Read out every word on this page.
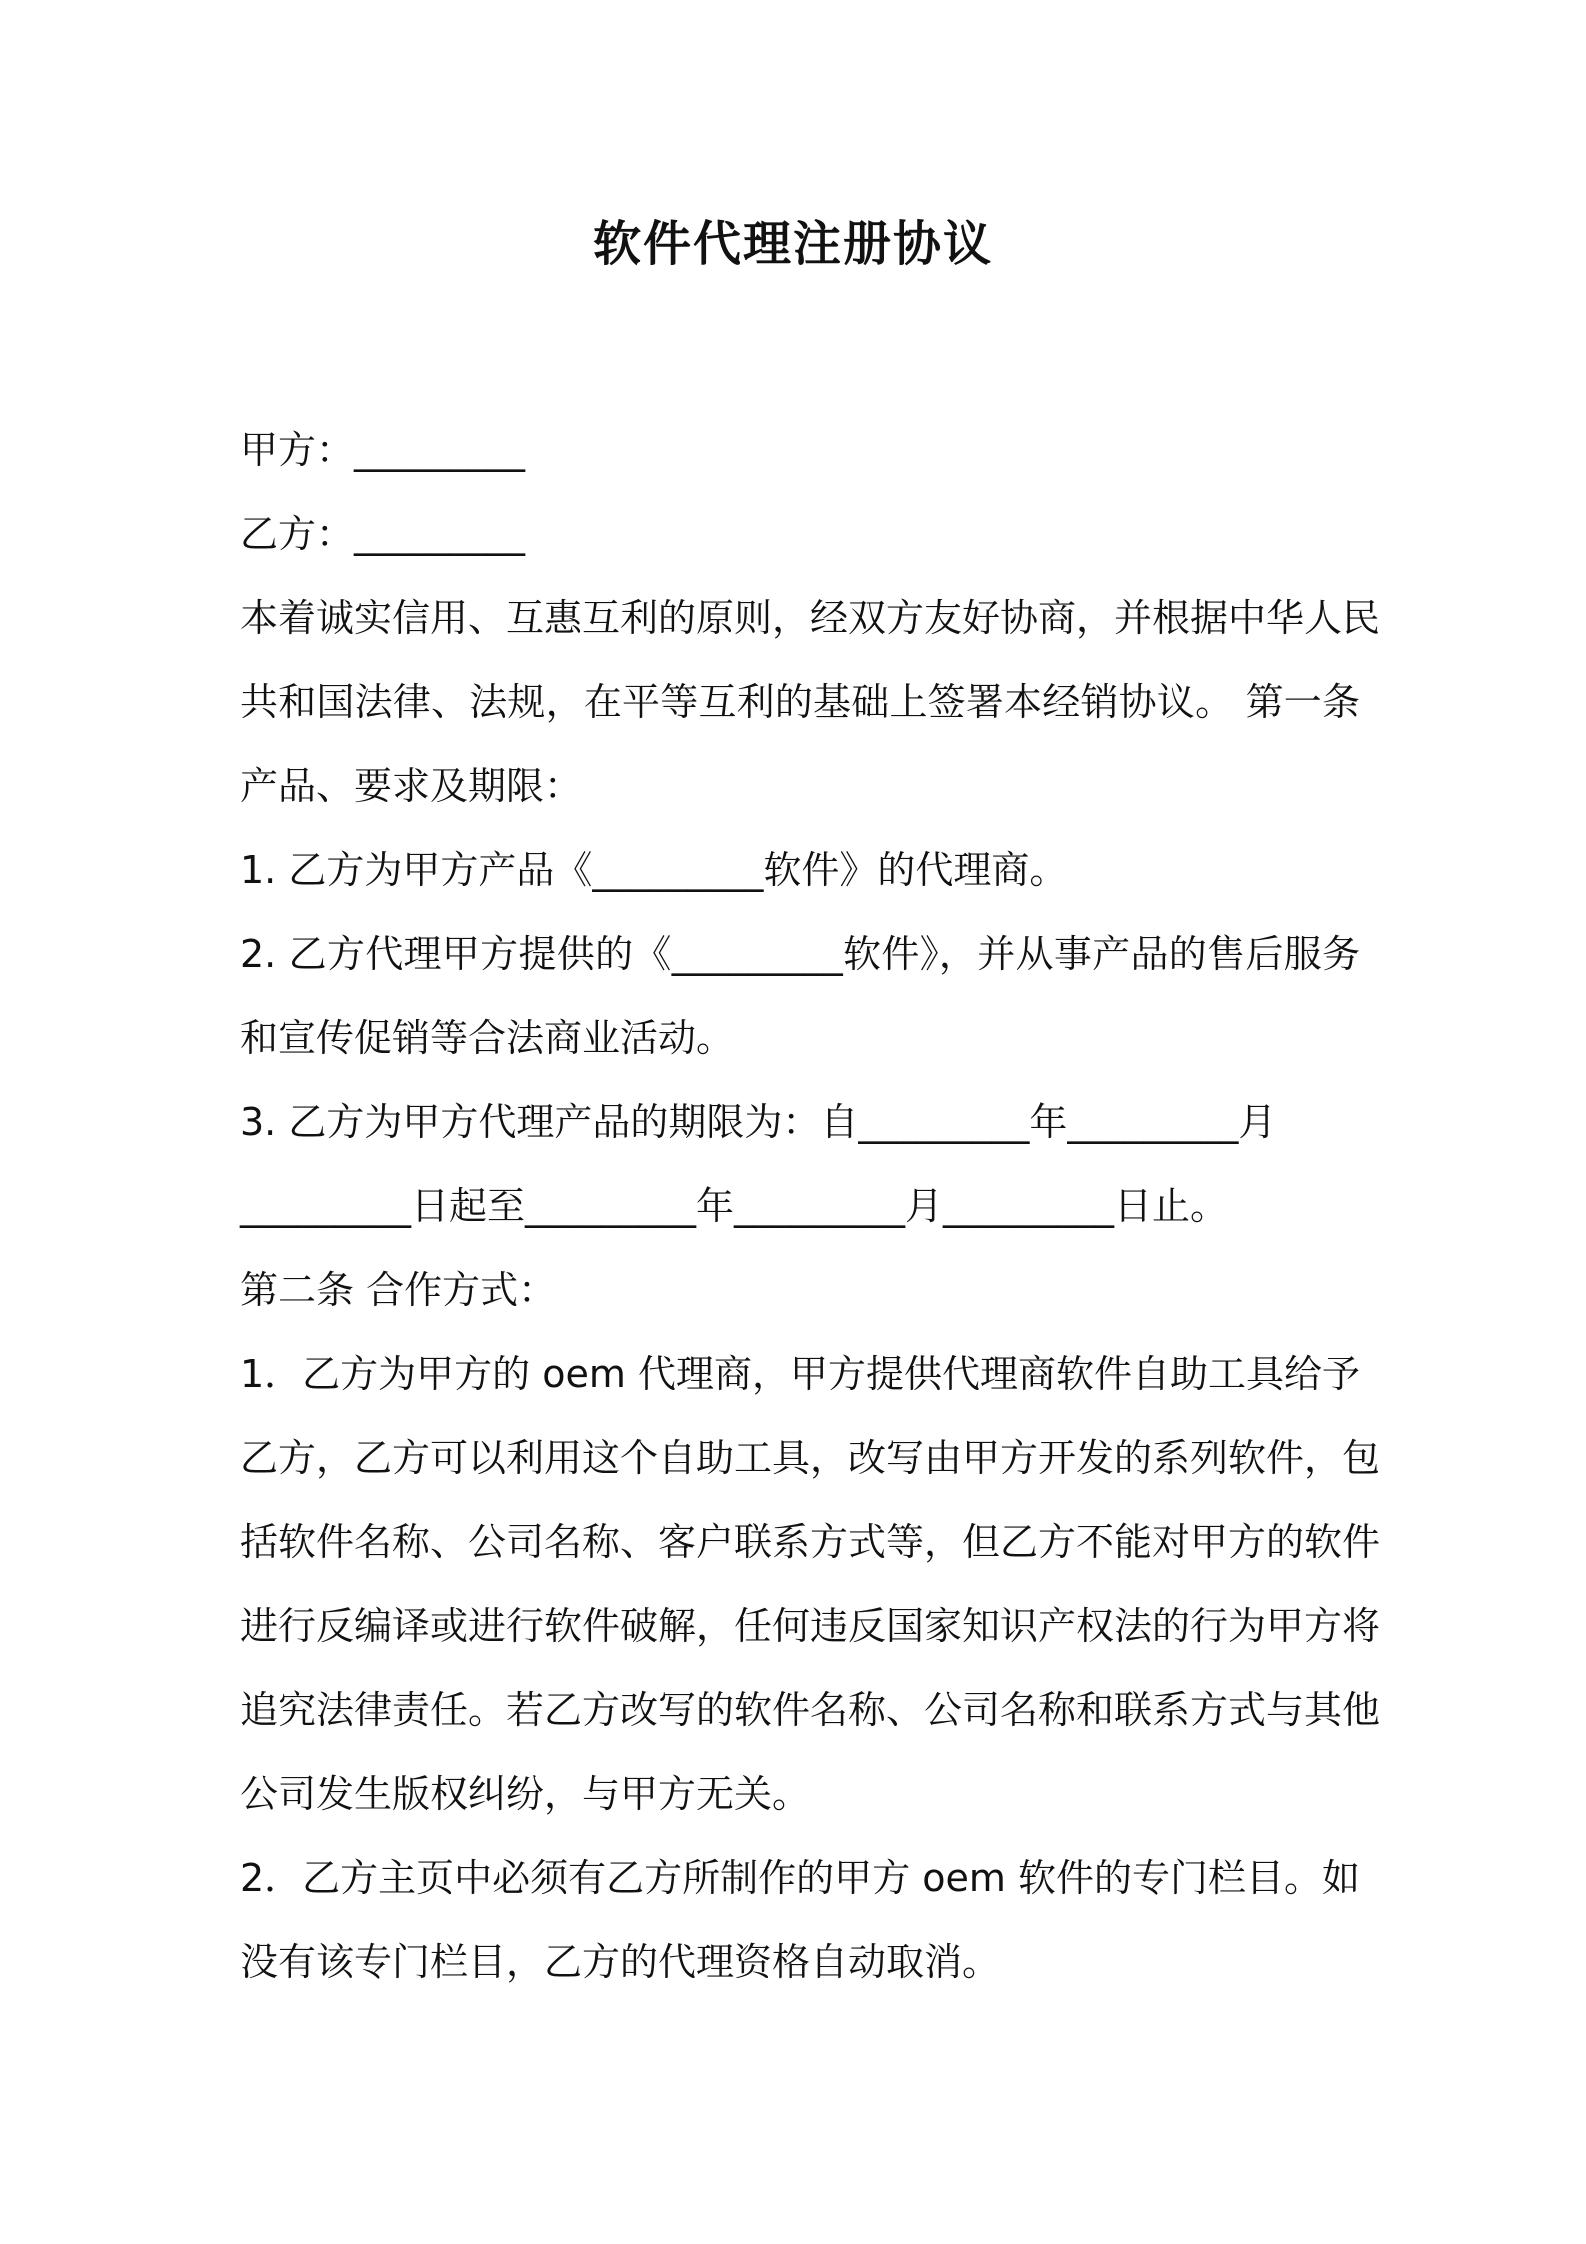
软件代理注册协议
甲方：_________
乙方：_________
本着诚实信用、互惠互利的原则，经双方友好协商，并根据中华人民
共和国法律、法规，在平等互利的基础上签署本经销协议。 第一条
产品、要求及期限：
1. 乙方为甲方产品《_________软件》的代理商。
2. 乙方代理甲方提供的《_________软件》，并从事产品的售后服务
和宣传促销等合法商业活动。
3. 乙方为甲方代理产品的期限为：自_________年_________月
_________日起至_________年_________月_________日止。
第二条 合作方式：
1．乙方为甲方的 oem 代理商，甲方提供代理商软件自助工具给予
乙方，乙方可以利用这个自助工具，改写由甲方开发的系列软件，包
括软件名称、公司名称、客户联系方式等，但乙方不能对甲方的软件
进行反编译或进行软件破解，任何违反国家知识产权法的行为甲方将
追究法律责任。若乙方改写的软件名称、公司名称和联系方式与其他
公司发生版权纠纷，与甲方无关。
2．乙方主页中必须有乙方所制作的甲方 oem 软件的专门栏目。如
没有该专门栏目，乙方的代理资格自动取消。
